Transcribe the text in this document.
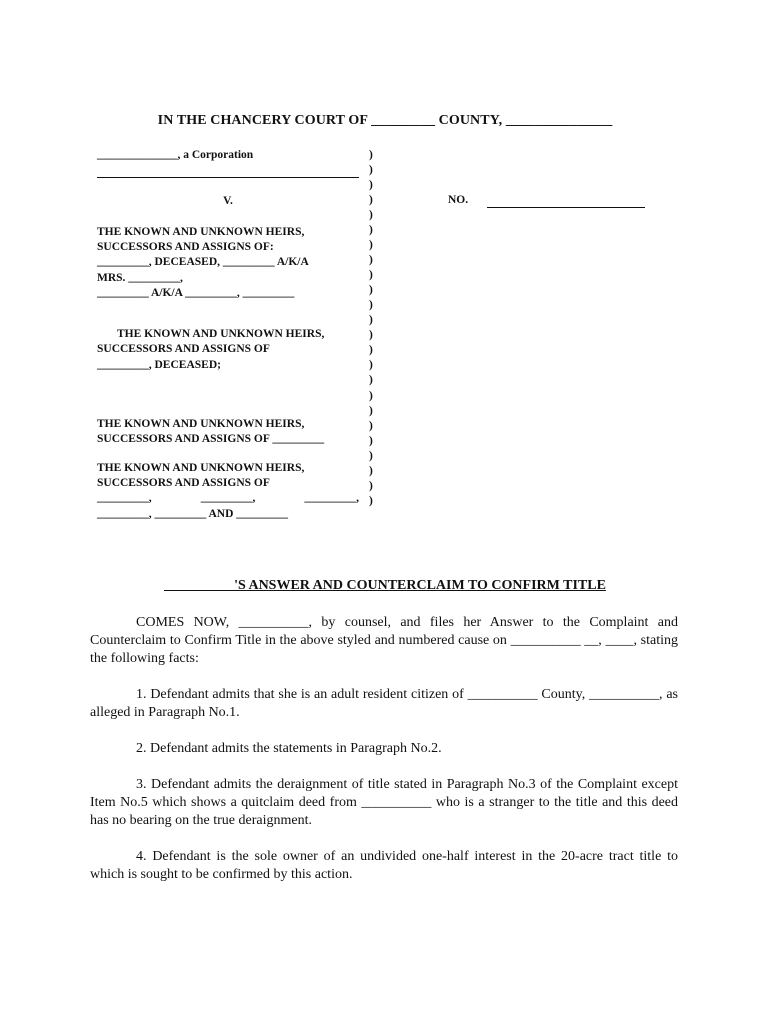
IN THE CHANCERY COURT OF _________ COUNTY, _______________
______________, a Corporation
V.
THE KNOWN AND UNKNOWN HEIRS,
SUCCESSORS AND ASSIGNS OF:
_________, DECEASED, _________ A/K/A
MRS. _________,
_________ A/K/A _________, _________
THE KNOWN AND UNKNOWN HEIRS,
SUCCESSORS AND ASSIGNS OF
_________, DECEASED;
THE KNOWN AND UNKNOWN HEIRS,
SUCCESSORS AND ASSIGNS OF _________
THE KNOWN AND UNKNOWN HEIRS,
SUCCESSORS AND ASSIGNS OF
_________,	_________,	_________,
_________, _________ AND _________
)
)
)
)
)
)
)
)
)
)
)
)
)
)
)
)
)
)
)
)
)
)
)
)
NO.
__________'S ANSWER AND COUNTERCLAIM TO CONFIRM TITLE

COMES NOW, __________, by counsel, and files her Answer to the Complaint and Counterclaim to Confirm Title in the above styled and numbered cause on __________ __, ____, stating the following facts:

1. Defendant admits that she is an adult resident citizen of __________ County, __________, as alleged in Paragraph No.1.

2. Defendant admits the statements in Paragraph No.2.

3. Defendant admits the deraignment of title stated in Paragraph No.3 of the Complaint except Item No.5 which shows a quitclaim deed from __________ who is a stranger to the title and this deed has no bearing on the true deraignment.

4. Defendant is the sole owner of an undivided one-half interest in the 20-acre tract title to which is sought to be confirmed by this action.
